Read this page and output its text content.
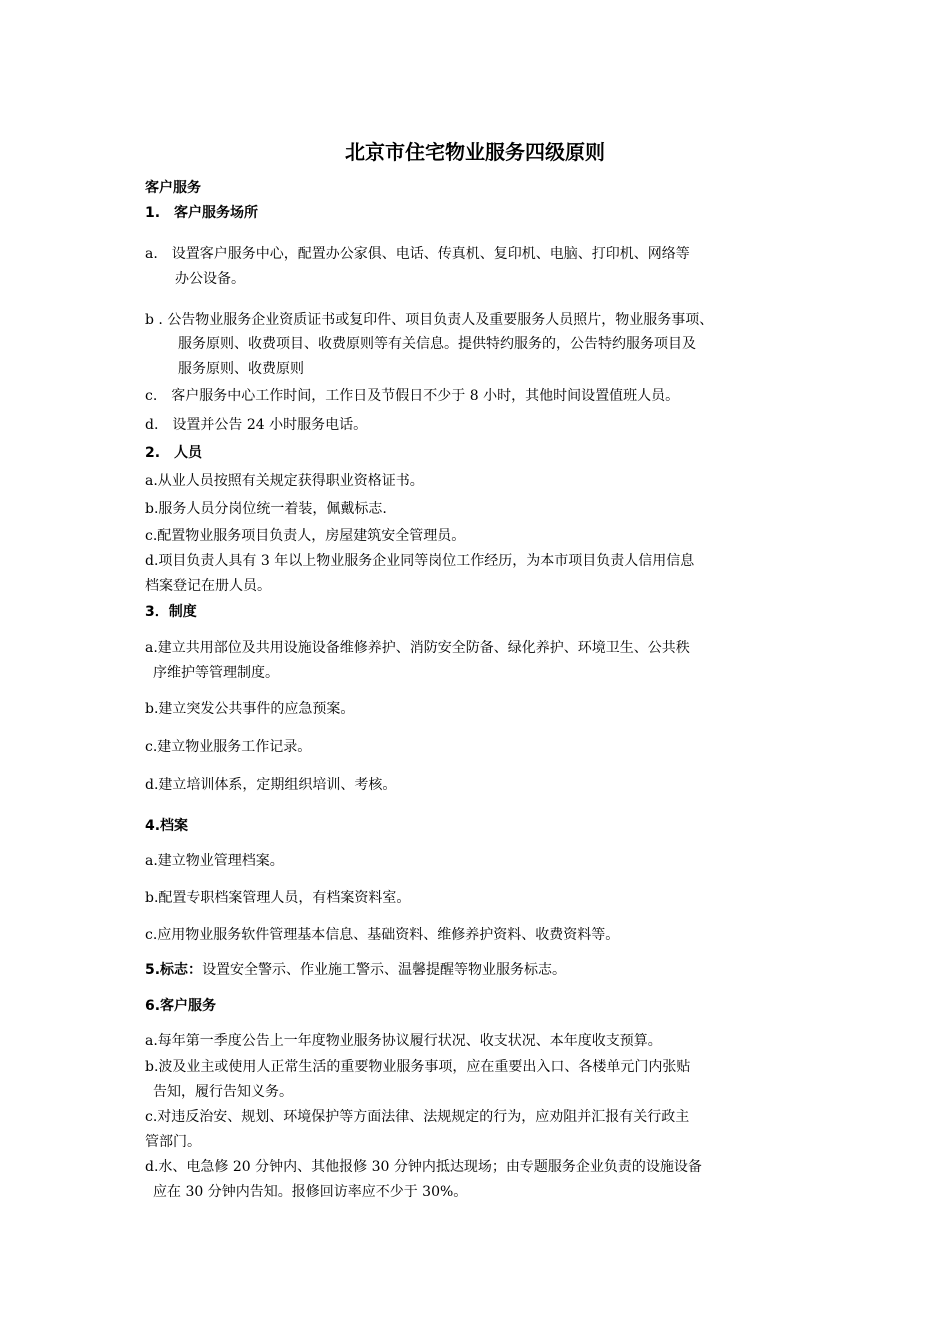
北京市住宅物业服务四级原则
客户服务
1.　客户服务场所
a.　设置客户服务中心，配置办公家俱、电话、传真机、复印机、电脑、打印机、网络等
办公设备。
b . 公告物业服务企业资质证书或复印件、项目负责人及重要服务人员照片，物业服务事项、
服务原则、收费项目、收费原则等有关信息。提供特约服务的，公告特约服务项目及
服务原则、收费原则
c.　客户服务中心工作时间，工作日及节假日不少于 8 小时，其他时间设置值班人员。
d.　设置并公告 24 小时服务电话。
2.　人员
a.从业人员按照有关规定获得职业资格证书。
b.服务人员分岗位统一着装，佩戴标志.
c.配置物业服务项目负责人，房屋建筑安全管理员。
d.项目负责人具有 3 年以上物业服务企业同等岗位工作经历，为本市项目负责人信用信息
档案登记在册人员。
3．制度
a.建立共用部位及共用设施设备维修养护、消防安全防备、绿化养护、环境卫生、公共秩
序维护等管理制度。
b.建立突发公共事件的应急预案。
c.建立物业服务工作记录。
d.建立培训体系，定期组织培训、考核。
4.档案
a.建立物业管理档案。
b.配置专职档案管理人员，有档案资料室。
c.应用物业服务软件管理基本信息、基础资料、维修养护资料、收费资料等。
5.标志：设置安全警示、作业施工警示、温馨提醒等物业服务标志。
6.客户服务
a.每年第一季度公告上一年度物业服务协议履行状况、收支状况、本年度收支预算。
b.波及业主或使用人正常生活的重要物业服务事项，应在重要出入口、各楼单元门内张贴
告知，履行告知义务。
c.对违反治安、规划、环境保护等方面法律、法规规定的行为，应劝阻并汇报有关行政主
管部门。
d.水、电急修 20 分钟内、其他报修 30 分钟内抵达现场；由专题服务企业负责的设施设备
应在 30 分钟内告知。报修回访率应不少于 30%。
